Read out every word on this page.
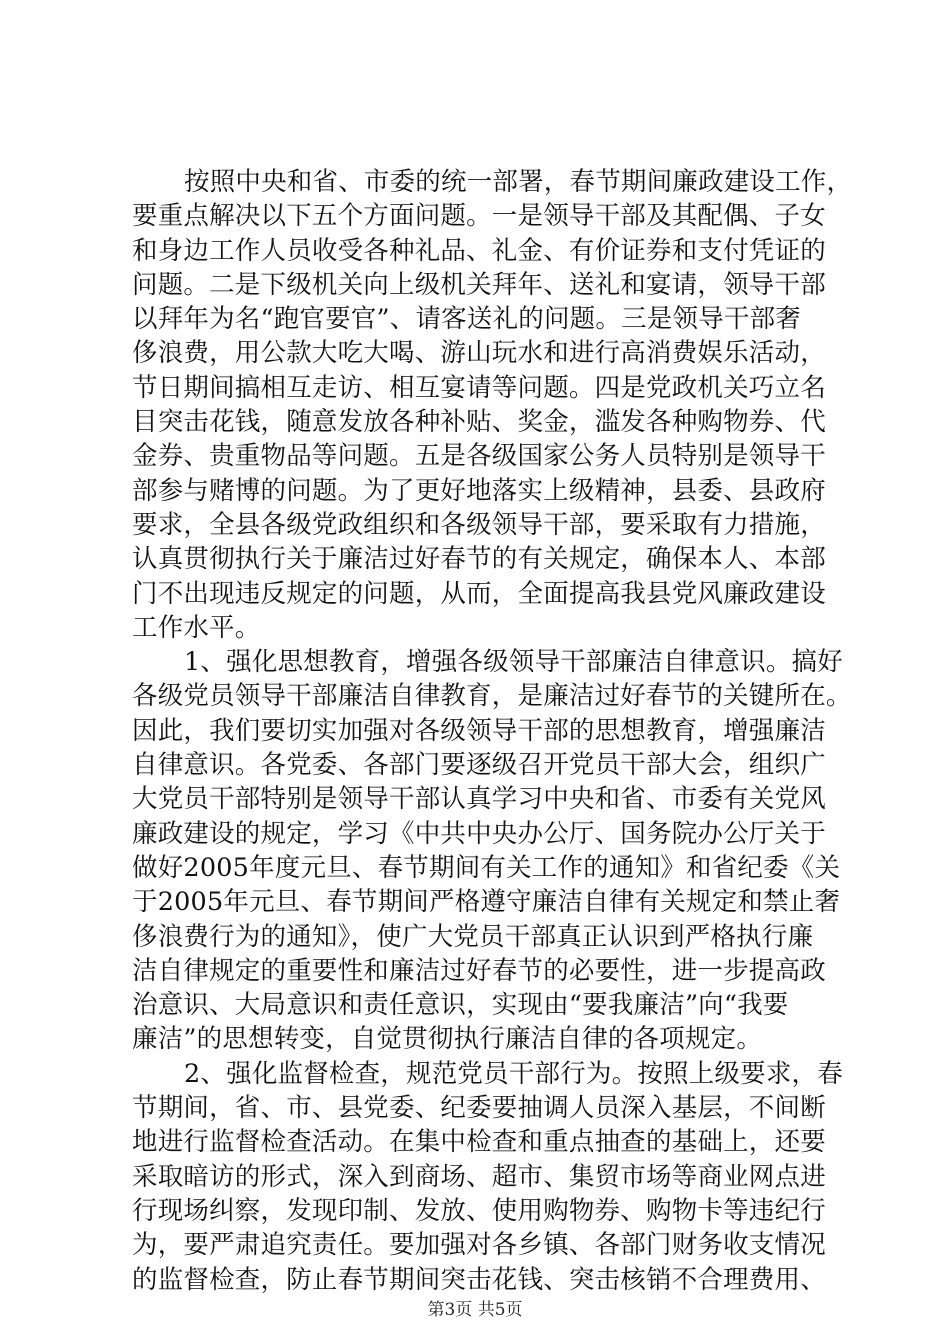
按照中央和省、市委的统一部署，春节期间廉政建设工作，
要重点解决以下五个方面问题。一是领导干部及其配偶、子女
和身边工作人员收受各种礼品、礼金、有价证券和支付凭证的
问题。二是下级机关向上级机关拜年、送礼和宴请，领导干部
以拜年为名“跑官要官”、请客送礼的问题。三是领导干部奢
侈浪费，用公款大吃大喝、游山玩水和进行高消费娱乐活动，
节日期间搞相互走访、相互宴请等问题。四是党政机关巧立名
目突击花钱，随意发放各种补贴、奖金，滥发各种购物券、代
金券、贵重物品等问题。五是各级国家公务人员特别是领导干
部参与赌博的问题。为了更好地落实上级精神，县委、县政府
要求，全县各级党政组织和各级领导干部，要采取有力措施，
认真贯彻执行关于廉洁过好春节的有关规定，确保本人、本部
门不出现违反规定的问题，从而，全面提高我县党风廉政建设
工作水平。
1、强化思想教育，增强各级领导干部廉洁自律意识。搞好
各级党员领导干部廉洁自律教育，是廉洁过好春节的关键所在。
因此，我们要切实加强对各级领导干部的思想教育，增强廉洁
自律意识。各党委、各部门要逐级召开党员干部大会，组织广
大党员干部特别是领导干部认真学习中央和省、市委有关党风
廉政建设的规定，学习《中共中央办公厅、国务院办公厅关于
做好2005年度元旦、春节期间有关工作的通知》和省纪委《关
于2005年元旦、春节期间严格遵守廉洁自律有关规定和禁止奢
侈浪费行为的通知》，使广大党员干部真正认识到严格执行廉
洁自律规定的重要性和廉洁过好春节的必要性，进一步提高政
治意识、大局意识和责任意识，实现由“要我廉洁”向“我要
廉洁”的思想转变，自觉贯彻执行廉洁自律的各项规定。
2、强化监督检查，规范党员干部行为。按照上级要求，春
节期间，省、市、县党委、纪委要抽调人员深入基层，不间断
地进行监督检查活动。在集中检查和重点抽查的基础上，还要
采取暗访的形式，深入到商场、超市、集贸市场等商业网点进
行现场纠察，发现印制、发放、使用购物券、购物卡等违纪行
为，要严肃追究责任。要加强对各乡镇、各部门财务收支情况
的监督检查，防止春节期间突击花钱、突击核销不合理费用、
第3页 共5页
